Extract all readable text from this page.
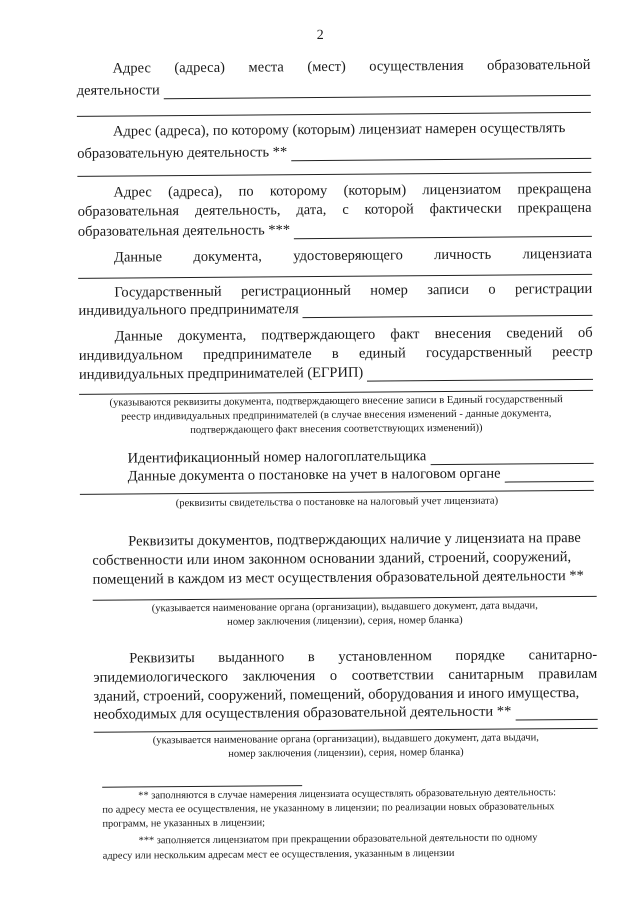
2
Адрес (адреса) места (мест) осуществления образовательной
деятельности
Адрес (адреса), по которому (которым) лицензиат намерен осуществлять
образовательную деятельность **
Адрес (адреса), по которому (которым) лицензиатом прекращена
образовательная деятельность, дата, с которой фактически прекращена
образовательная деятельность ***
Данные документа, удостоверяющего личность лицензиата
Государственный регистрационный номер записи о регистрации
индивидуального предпринимателя
Данные документа, подтверждающего факт внесения сведений об
индивидуальном предпринимателе в единый государственный реестр
индивидуальных предпринимателей (ЕГРИП)
(указываются реквизиты документа, подтверждающего внесение записи в Единый государственный
реестр индивидуальных предпринимателей (в случае внесения изменений - данные документа,
подтверждающего факт внесения соответствующих изменений))
Идентификационный номер налогоплательщика
Данные документа о постановке на учет в налоговом органе
(реквизиты свидетельства о постановке на налоговый учет лицензиата)
Реквизиты документов, подтверждающих наличие у лицензиата на праве
собственности или ином законном основании зданий, строений, сооружений,
помещений в каждом из мест осуществления образовательной деятельности **
(указывается наименование органа (организации), выдавшего документ, дата выдачи,
номер заключения (лицензии), серия, номер бланка)
Реквизиты выданного в установленном порядке санитарно-
эпидемиологического заключения о соответствии санитарным правилам
зданий, строений, сооружений, помещений, оборудования и иного имущества,
необходимых для осуществления образовательной деятельности **
(указывается наименование органа (организации), выдавшего документ, дата выдачи,
номер заключения (лицензии), серия, номер бланка)
** заполняются в случае намерения лицензиата осуществлять образовательную деятельность:
по адресу места ее осуществления, не указанному в лицензии; по реализации новых образовательных
программ, не указанных в лицензии;
*** заполняется лицензиатом при прекращении образовательной деятельности по одному
адресу или нескольким адресам мест ее осуществления, указанным в лицензии
